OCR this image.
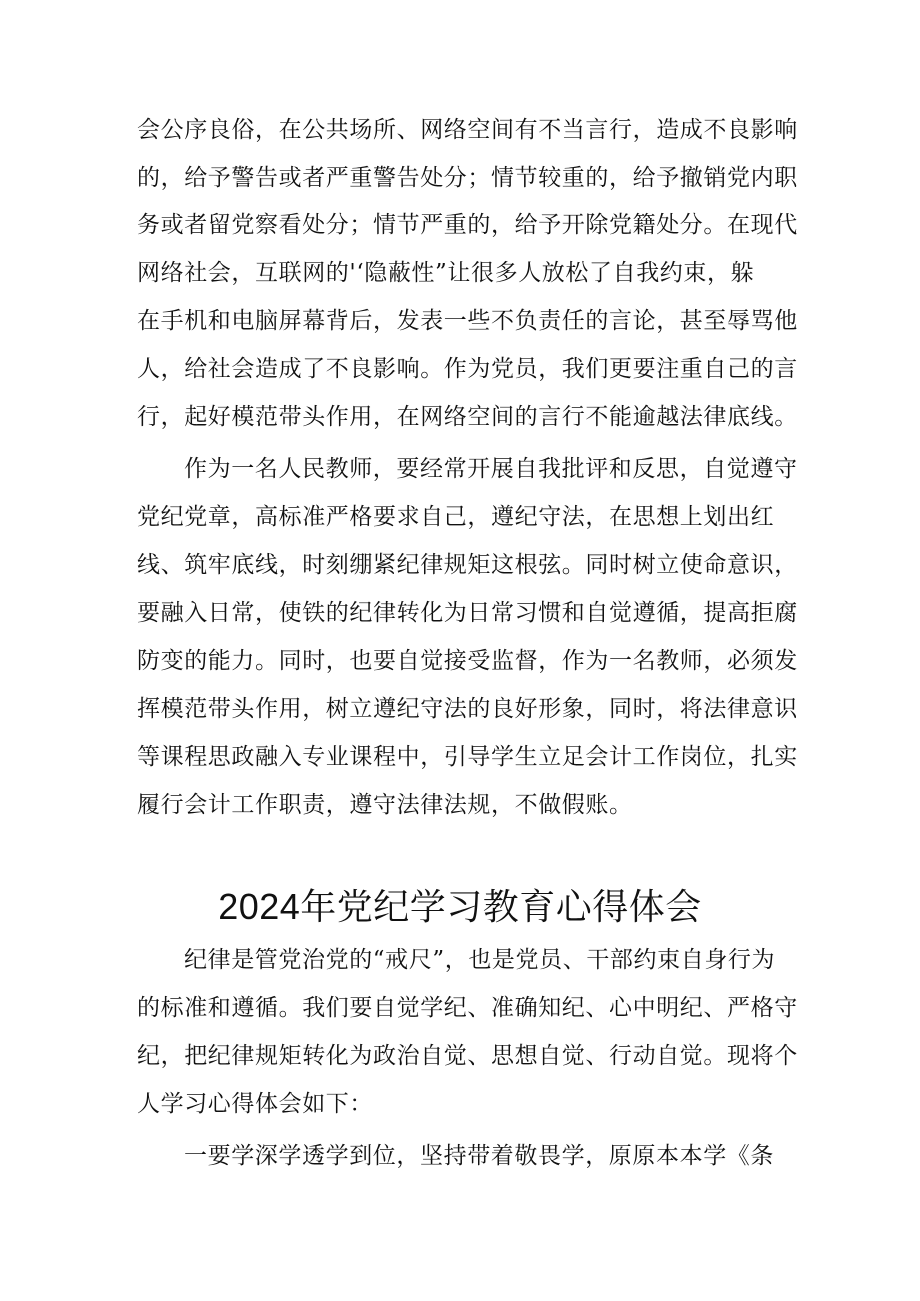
会公序良俗，在公共场所、网络空间有不当言行，造成不良影响
的，给予警告或者严重警告处分；情节较重的，给予撤销党内职
务或者留党察看处分；情节严重的，给予开除党籍处分。在现代
网络社会，互联网的'‘隐蔽性”让很多人放松了自我约束，躲
在手机和电脑屏幕背后，发表一些不负责任的言论，甚至辱骂他
人，给社会造成了不良影响。作为党员，我们更要注重自己的言
行，起好模范带头作用，在网络空间的言行不能逾越法律底线。
作为一名人民教师，要经常开展自我批评和反思，自觉遵守
党纪党章，高标准严格要求自己，遵纪守法，在思想上划出红
线、筑牢底线，时刻绷紧纪律规矩这根弦。同时树立使命意识，
要融入日常，使铁的纪律转化为日常习惯和自觉遵循，提高拒腐
防变的能力。同时，也要自觉接受监督，作为一名教师，必须发
挥模范带头作用，树立遵纪守法的良好形象，同时，将法律意识
等课程思政融入专业课程中，引导学生立足会计工作岗位，扎实
履行会计工作职责，遵守法律法规，不做假账。
2024年党纪学习教育心得体会
纪律是管党治党的“戒尺”，也是党员、干部约束自身行为
的标准和遵循。我们要自觉学纪、准确知纪、心中明纪、严格守
纪，把纪律规矩转化为政治自觉、思想自觉、行动自觉。现将个
人学习心得体会如下：
一要学深学透学到位，坚持带着敬畏学，原原本本学《条
